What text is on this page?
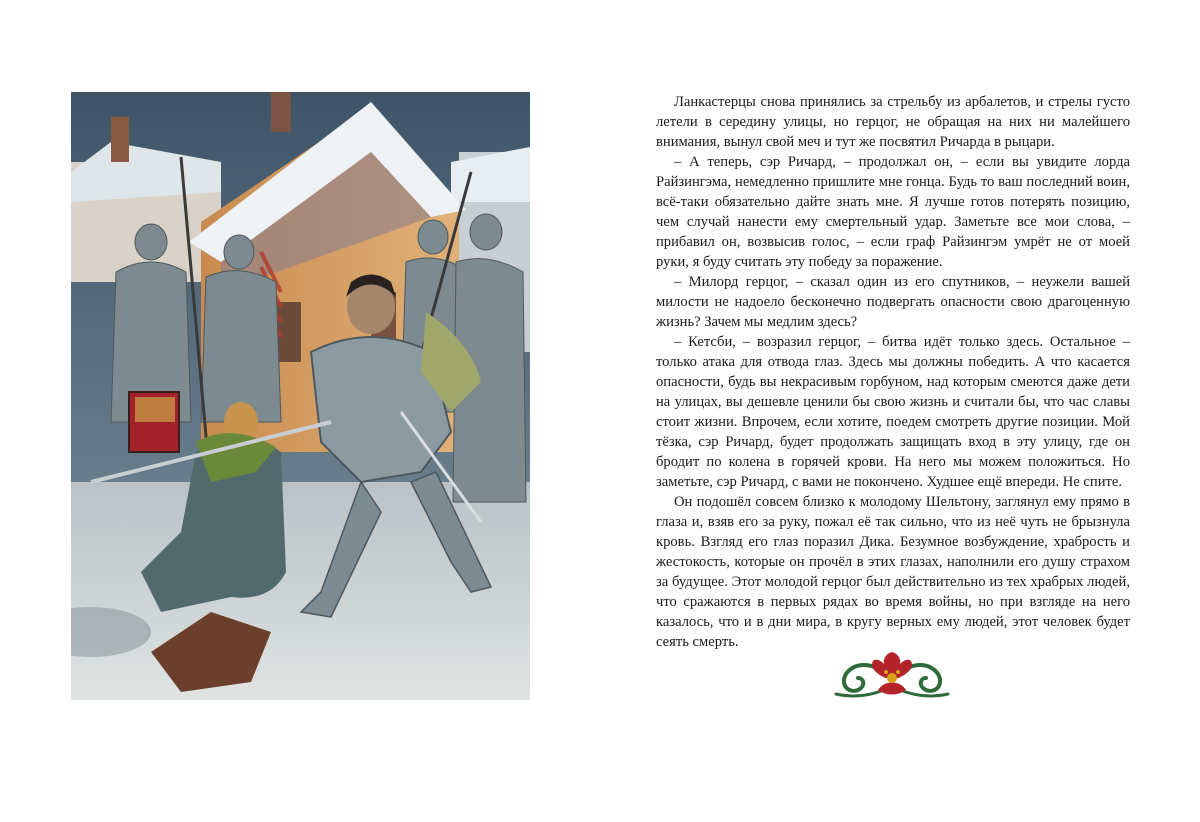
Ланкастерцы снова принялись за стрельбу из арбалетов, и стрелы густо летели в середину улицы, но герцог, не обращая на них ни малейшего внимания, вынул свой меч и тут же посвятил Ричарда в рыцари.

– А теперь, сэр Ричард, – продолжал он, – если вы увидите лорда Райзингэма, немедленно пришлите мне гонца. Будь то ваш последний воин, всё-таки обязательно дайте знать мне. Я лучше готов потерять позицию, чем случай нанести ему смертельный удар. Заметьте все мои слова, – прибавил он, возвысив голос, – если граф Райзингэм умрёт не от моей руки, я буду считать эту победу за поражение.

– Милорд герцог, – сказал один из его спутников, – неужели вашей милости не надоело бесконечно подвергать опасности свою драгоценную жизнь? Зачем мы медлим здесь?

– Кетсби, – возразил герцог, – битва идёт только здесь. Остальное – только атака для отвода глаз. Здесь мы должны победить. А что касается опасности, будь вы некрасивым горбуном, над которым смеются даже дети на улицах, вы дешевле ценили бы свою жизнь и считали бы, что час славы стоит жизни. Впрочем, если хотите, поедем смотреть другие позиции. Мой тёзка, сэр Ричард, будет продолжать защищать вход в эту улицу, где он бродит по колена в горячей крови. На него мы можем положиться. Но заметьте, сэр Ричард, с вами не покончено. Худшее ещё впереди. Не спите.

Он подошёл совсем близко к молодому Шельтону, заглянул ему прямо в глаза и, взяв его за руку, пожал её так сильно, что из неё чуть не брызнула кровь. Взгляд его глаз поразил Дика. Безумное возбуждение, храбрость и жестокость, которые он прочёл в этих глазах, наполнили его душу страхом за будущее. Этот молодой герцог был действительно из тех храбрых людей, что сражаются в первых рядах во время войны, но при взгляде на него казалось, что и в дни мира, в кругу верных ему людей, этот человек будет сеять смерть.
